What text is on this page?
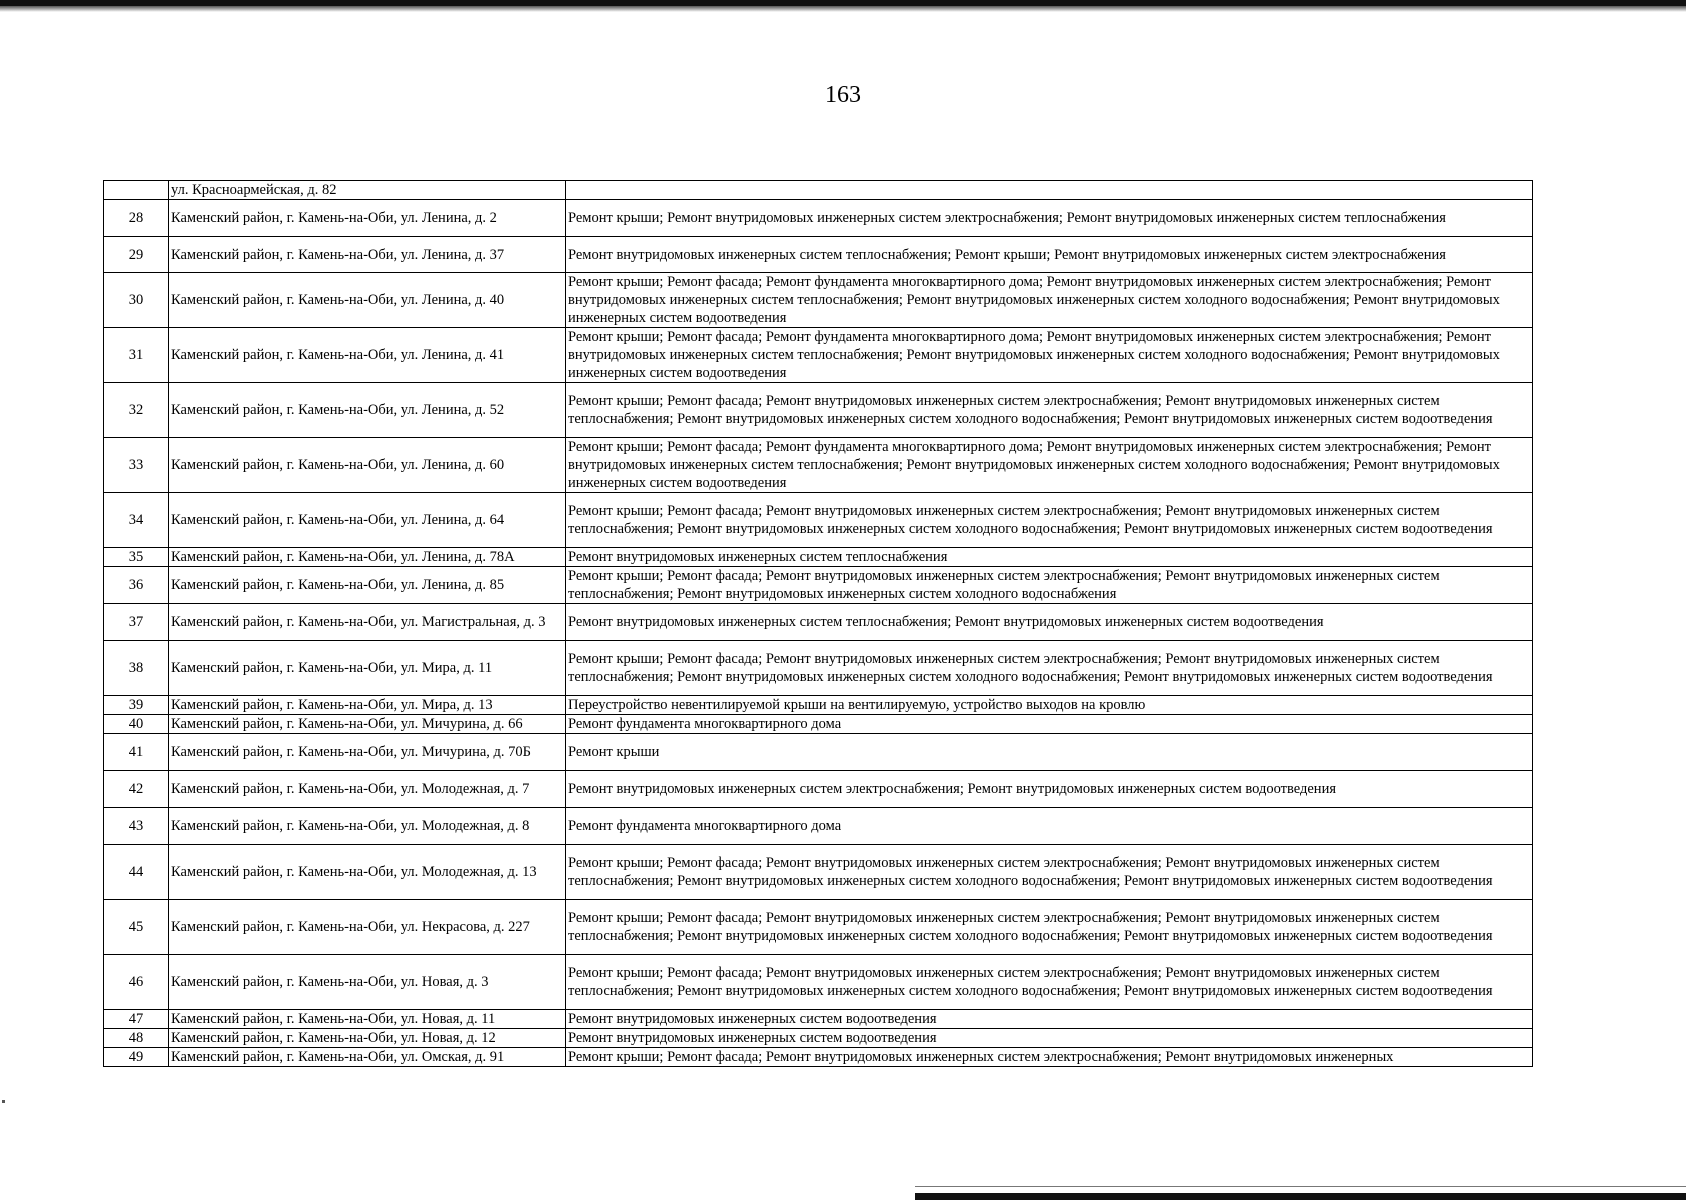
163
	ул. Красноармейская, д. 82	
28	Каменский район, г. Камень-на-Оби, ул. Ленина, д. 2	Ремонт крыши; Ремонт внутридомовых инженерных систем электроснабжения; Ремонт внутридомовых инженерных систем теплоснабжения
29	Каменский район, г. Камень-на-Оби, ул. Ленина, д. 37	Ремонт внутридомовых инженерных систем теплоснабжения; Ремонт крыши; Ремонт внутридомовых инженерных систем электроснабжения
30	Каменский район, г. Камень-на-Оби, ул. Ленина, д. 40	Ремонт крыши; Ремонт фасада; Ремонт фундамента многоквартирного дома; Ремонт внутридомовых инженерных систем электроснабжения; Ремонт внутридомовых инженерных систем теплоснабжения; Ремонт внутридомовых инженерных систем холодного водоснабжения; Ремонт внутридомовых инженерных систем водоотведения
31	Каменский район, г. Камень-на-Оби, ул. Ленина, д. 41	Ремонт крыши; Ремонт фасада; Ремонт фундамента многоквартирного дома; Ремонт внутридомовых инженерных систем электроснабжения; Ремонт внутридомовых инженерных систем теплоснабжения; Ремонт внутридомовых инженерных систем холодного водоснабжения; Ремонт внутридомовых инженерных систем водоотведения
32	Каменский район, г. Камень-на-Оби, ул. Ленина, д. 52	Ремонт крыши; Ремонт фасада; Ремонт внутридомовых инженерных систем электроснабжения; Ремонт внутридомовых инженерных систем теплоснабжения; Ремонт внутридомовых инженерных систем холодного водоснабжения; Ремонт внутридомовых инженерных систем водоотведения
33	Каменский район, г. Камень-на-Оби, ул. Ленина, д. 60	Ремонт крыши; Ремонт фасада; Ремонт фундамента многоквартирного дома; Ремонт внутридомовых инженерных систем электроснабжения; Ремонт внутридомовых инженерных систем теплоснабжения; Ремонт внутридомовых инженерных систем холодного водоснабжения; Ремонт внутридомовых инженерных систем водоотведения
34	Каменский район, г. Камень-на-Оби, ул. Ленина, д. 64	Ремонт крыши; Ремонт фасада; Ремонт внутридомовых инженерных систем электроснабжения; Ремонт внутридомовых инженерных систем теплоснабжения; Ремонт внутридомовых инженерных систем холодного водоснабжения; Ремонт внутридомовых инженерных систем водоотведения
35	Каменский район, г. Камень-на-Оби, ул. Ленина, д. 78А	Ремонт внутридомовых инженерных систем теплоснабжения
36	Каменский район, г. Камень-на-Оби, ул. Ленина, д. 85	Ремонт крыши; Ремонт фасада; Ремонт внутридомовых инженерных систем электроснабжения; Ремонт внутридомовых инженерных систем теплоснабжения; Ремонт внутридомовых инженерных систем холодного водоснабжения
37	Каменский район, г. Камень-на-Оби, ул. Магистральная, д. 3	Ремонт внутридомовых инженерных систем теплоснабжения; Ремонт внутридомовых инженерных систем водоотведения
38	Каменский район, г. Камень-на-Оби, ул. Мира, д. 11	Ремонт крыши; Ремонт фасада; Ремонт внутридомовых инженерных систем электроснабжения; Ремонт внутридомовых инженерных систем теплоснабжения; Ремонт внутридомовых инженерных систем холодного водоснабжения; Ремонт внутридомовых инженерных систем водоотведения
39	Каменский район, г. Камень-на-Оби, ул. Мира, д. 13	Переустройство невентилируемой крыши на вентилируемую, устройство выходов на кровлю
40	Каменский район, г. Камень-на-Оби, ул. Мичурина, д. 66	Ремонт фундамента многоквартирного дома
41	Каменский район, г. Камень-на-Оби, ул. Мичурина, д. 70Б	Ремонт крыши
42	Каменский район, г. Камень-на-Оби, ул. Молодежная, д. 7	Ремонт внутридомовых инженерных систем электроснабжения; Ремонт внутридомовых инженерных систем водоотведения
43	Каменский район, г. Камень-на-Оби, ул. Молодежная, д. 8	Ремонт фундамента многоквартирного дома
44	Каменский район, г. Камень-на-Оби, ул. Молодежная, д. 13	Ремонт крыши; Ремонт фасада; Ремонт внутридомовых инженерных систем электроснабжения; Ремонт внутридомовых инженерных систем теплоснабжения; Ремонт внутридомовых инженерных систем холодного водоснабжения; Ремонт внутридомовых инженерных систем водоотведения
45	Каменский район, г. Камень-на-Оби, ул. Некрасова, д. 227	Ремонт крыши; Ремонт фасада; Ремонт внутридомовых инженерных систем электроснабжения; Ремонт внутридомовых инженерных систем теплоснабжения; Ремонт внутридомовых инженерных систем холодного водоснабжения; Ремонт внутридомовых инженерных систем водоотведения
46	Каменский район, г. Камень-на-Оби, ул. Новая, д. 3	Ремонт крыши; Ремонт фасада; Ремонт внутридомовых инженерных систем электроснабжения; Ремонт внутридомовых инженерных систем теплоснабжения; Ремонт внутридомовых инженерных систем холодного водоснабжения; Ремонт внутридомовых инженерных систем водоотведения
47	Каменский район, г. Камень-на-Оби, ул. Новая, д. 11	Ремонт внутридомовых инженерных систем водоотведения
48	Каменский район, г. Камень-на-Оби, ул. Новая, д. 12	Ремонт внутридомовых инженерных систем водоотведения
49	Каменский район, г. Камень-на-Оби, ул. Омская, д. 91	Ремонт крыши; Ремонт фасада; Ремонт внутридомовых инженерных систем электроснабжения; Ремонт внутридомовых инженерных
